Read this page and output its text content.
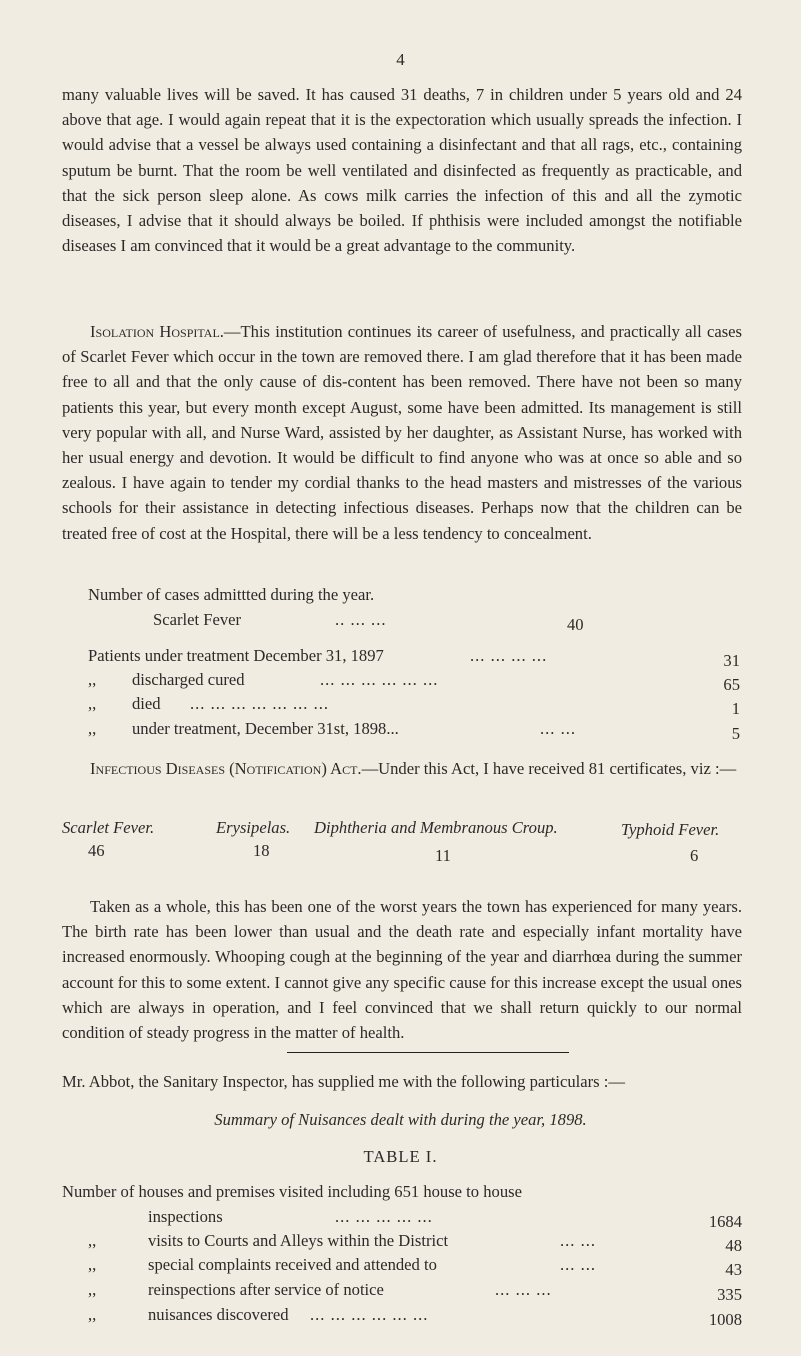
4

many valuable lives will be saved. It has caused 31 deaths, 7 in children under 5 years old and 24 above that age. I would again repeat that it is the expectoration which usually spreads the infection. I would advise that a vessel be always used containing a disinfectant and that all rags, etc., containing sputum be burnt. That the room be well ventilated and disinfected as frequently as practicable, and that the sick person sleep alone. As cows milk carries the infection of this and all the zymotic diseases, I advise that it should always be boiled. If phthisis were included amongst the notifiable diseases I am convinced that it would be a great advantage to the community.

Isolation Hospital.—This institution continues its career of usefulness, and practically all cases of Scarlet Fever which occur in the town are removed there. I am glad therefore that it has been made free to all and that the only cause of dis-content has been removed. There have not been so many patients this year, but every month except August, some have been admitted. Its management is still very popular with all, and Nurse Ward, assisted by her daughter, as Assistant Nurse, has worked with her usual energy and devotion. It would be difficult to find anyone who was at once so able and so zealous. I have again to tender my cordial thanks to the head masters and mistresses of the various schools for their assistance in detecting infectious diseases. Perhaps now that the children can be treated free of cost at the Hospital, there will be a less tendency to concealment.

Number of cases admittted during the year.
Scarlet Fever	.. ... ...	40
Patients under treatment December 31, 1897	... ... ... ...	31
,, discharged cured	... ... ... ... ... ...	65
,, died ... ... ... ... ... ... ...	1
,, under treatment, December 31st, 1898...	... ...	5

Infectious Diseases (Notification) Act.—Under this Act, I have received 81 certificates, viz :—

Scarlet Fever.
46
Erysipelas.
18
Diphtheria and Membranous Croup.
11
Typhoid Fever.
6

Taken as a whole, this has been one of the worst years the town has experienced for many years. The birth rate has been lower than usual and the death rate and especially infant mortality have increased enormously. Whooping cough at the beginning of the year and diarrhœa during the summer account for this to some extent. I cannot give any specific cause for this increase except the usual ones which are always in operation, and I feel convinced that we shall return quickly to our normal condition of steady progress in the matter of health.

Mr. Abbot, the Sanitary Inspector, has supplied me with the following particulars :—
Summary of Nuisances dealt with during the year, 1898.
TABLE I.
Number of houses and premises visited including 651 house to house
inspections	... ... ... ... ...	1684
,,	visits to Courts and Alleys within the District	... ...	48
,,	special complaints received and attended to	... ...	43
,,	reinspections after service of notice	... ... ...	335
,,	nuisances discovered ... ... ... ... ... ...	1008
